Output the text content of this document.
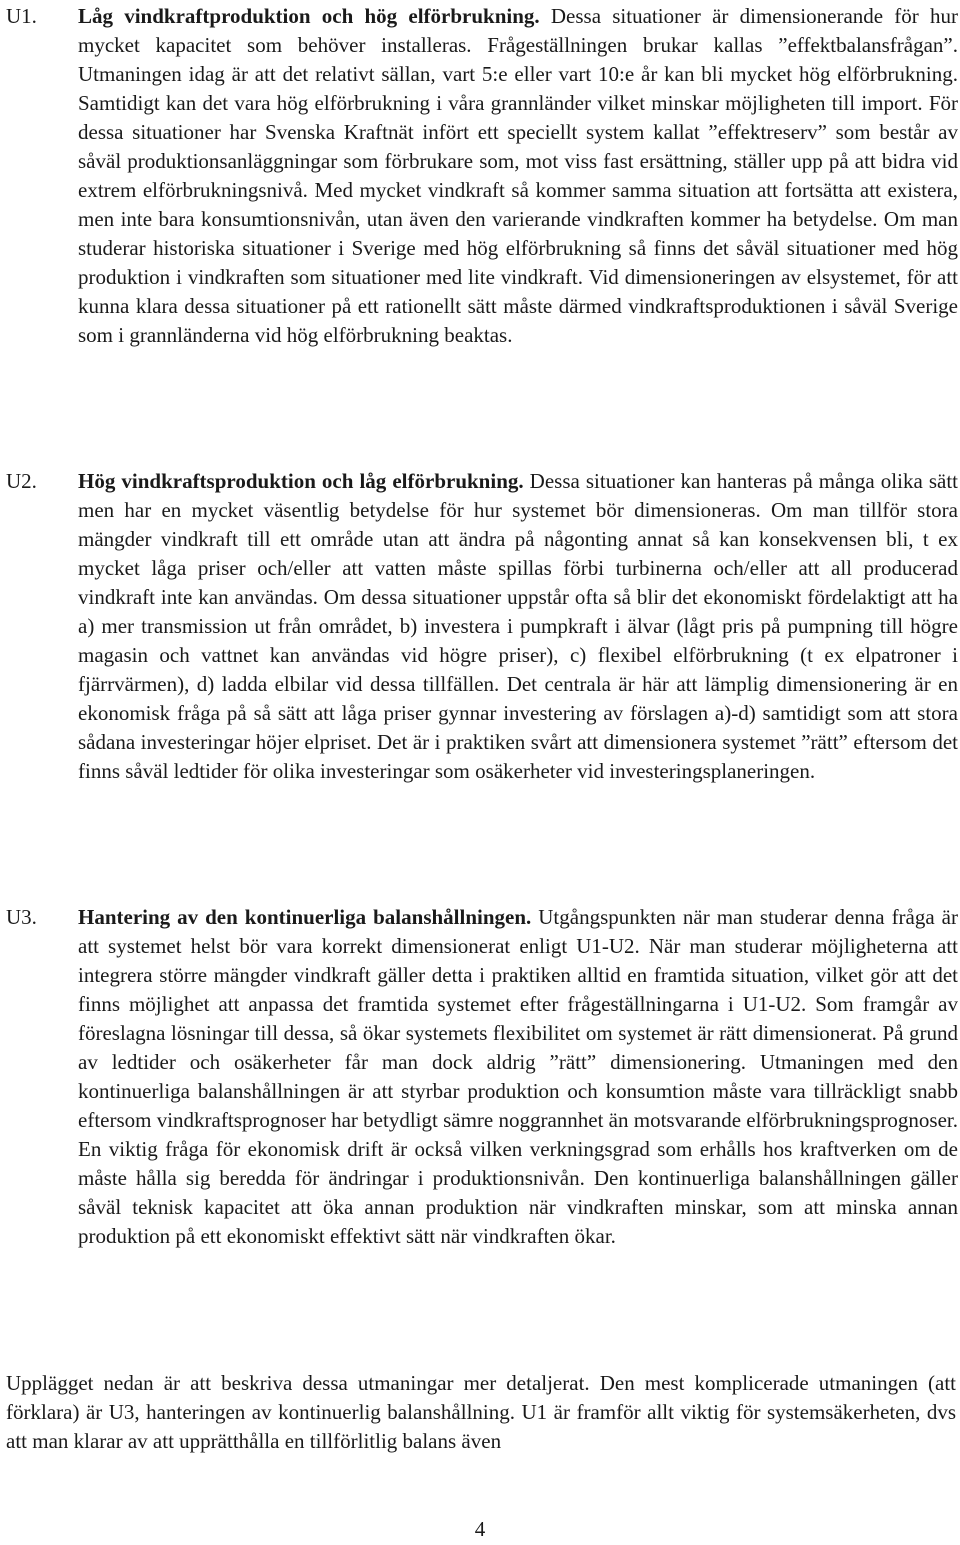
U1.	Låg vindkraftproduktion och hög elförbrukning. Dessa situationer är dimensionerande för hur mycket kapacitet som behöver installeras. Frågeställningen brukar kallas ”effektbalansfrågan”. Utmaningen idag är att det relativt sällan, vart 5:e eller vart 10:e år kan bli mycket hög elförbrukning. Samtidigt kan det vara hög elförbrukning i våra grannländer vilket minskar möjligheten till import. För dessa situationer har Svenska Kraftnät infört ett speciellt system kallat ”effektreserv” som består av såväl produktionsanläggningar som förbrukare som, mot viss fast ersättning, ställer upp på att bidra vid extrem elförbrukningsnivå. Med mycket vindkraft så kommer samma situation att fortsätta att existera, men inte bara konsumtionsnivån, utan även den varierande vindkraften kommer ha betydelse. Om man studerar historiska situationer i Sverige med hög elförbrukning så finns det såväl situationer med hög produktion i vindkraften som situationer med lite vindkraft. Vid dimensioneringen av elsystemet, för att kunna klara dessa situationer på ett rationellt sätt måste därmed vindkraftsproduktionen i såväl Sverige som i grannländerna vid hög elförbrukning beaktas.
U2.	Hög vindkraftsproduktion och låg elförbrukning. Dessa situationer kan hanteras på många olika sätt men har en mycket väsentlig betydelse för hur systemet bör dimensioneras. Om man tillför stora mängder vindkraft till ett område utan att ändra på någonting annat så kan konsekvensen bli, t ex mycket låga priser och/eller att vatten måste spillas förbi turbinerna och/eller att all producerad vindkraft inte kan användas. Om dessa situationer uppstår ofta så blir det ekonomiskt fördelaktigt att ha a) mer transmission ut från området, b) investera i pumpkraft i älvar (lågt pris på pumpning till högre magasin och vattnet kan användas vid högre priser), c) flexibel elförbrukning (t ex elpatroner i fjärrvärmen), d) ladda elbilar vid dessa tillfällen. Det centrala är här att lämplig dimensionering är en ekonomisk fråga på så sätt att låga priser gynnar investering av förslagen a)-d) samtidigt som att stora sådana investeringar höjer elpriset. Det är i praktiken svårt att dimensionera systemet ”rätt” eftersom det finns såväl ledtider för olika investeringar som osäkerheter vid investeringsplaneringen.
U3.	Hantering av den kontinuerliga balanshållningen. Utgångspunkten när man studerar denna fråga är att systemet helst bör vara korrekt dimensionerat enligt U1-U2. När man studerar möjligheterna att integrera större mängder vindkraft gäller detta i praktiken alltid en framtida situation, vilket gör att det finns möjlighet att anpassa det framtida systemet efter frågeställningarna i U1-U2. Som framgår av föreslagna lösningar till dessa, så ökar systemets flexibilitet om systemet är rätt dimensionerat. På grund av ledtider och osäkerheter får man dock aldrig ”rätt” dimensionering. Utmaningen med den kontinuerliga balanshållningen är att styrbar produktion och konsumtion måste vara tillräckligt snabb eftersom vindkraftsprognoser har betydligt sämre noggrannhet än motsvarande elförbrukningsprognoser. En viktig fråga för ekonomisk drift är också vilken verkningsgrad som erhålls hos kraftverken om de måste hålla sig beredda för ändringar i produktionsnivån. Den kontinuerliga balanshållningen gäller såväl teknisk kapacitet att öka annan produktion när vindkraften minskar, som att minska annan produktion på ett ekonomiskt effektivt sätt när vindkraften ökar.

Upplägget nedan är att beskriva dessa utmaningar mer detaljerat. Den mest komplicerade utmaningen (att förklara) är U3, hanteringen av kontinuerlig balanshållning. U1 är framför allt viktig för systemsäkerheten, dvs att man klarar av att upprätthålla en tillförlitlig balans även

4
